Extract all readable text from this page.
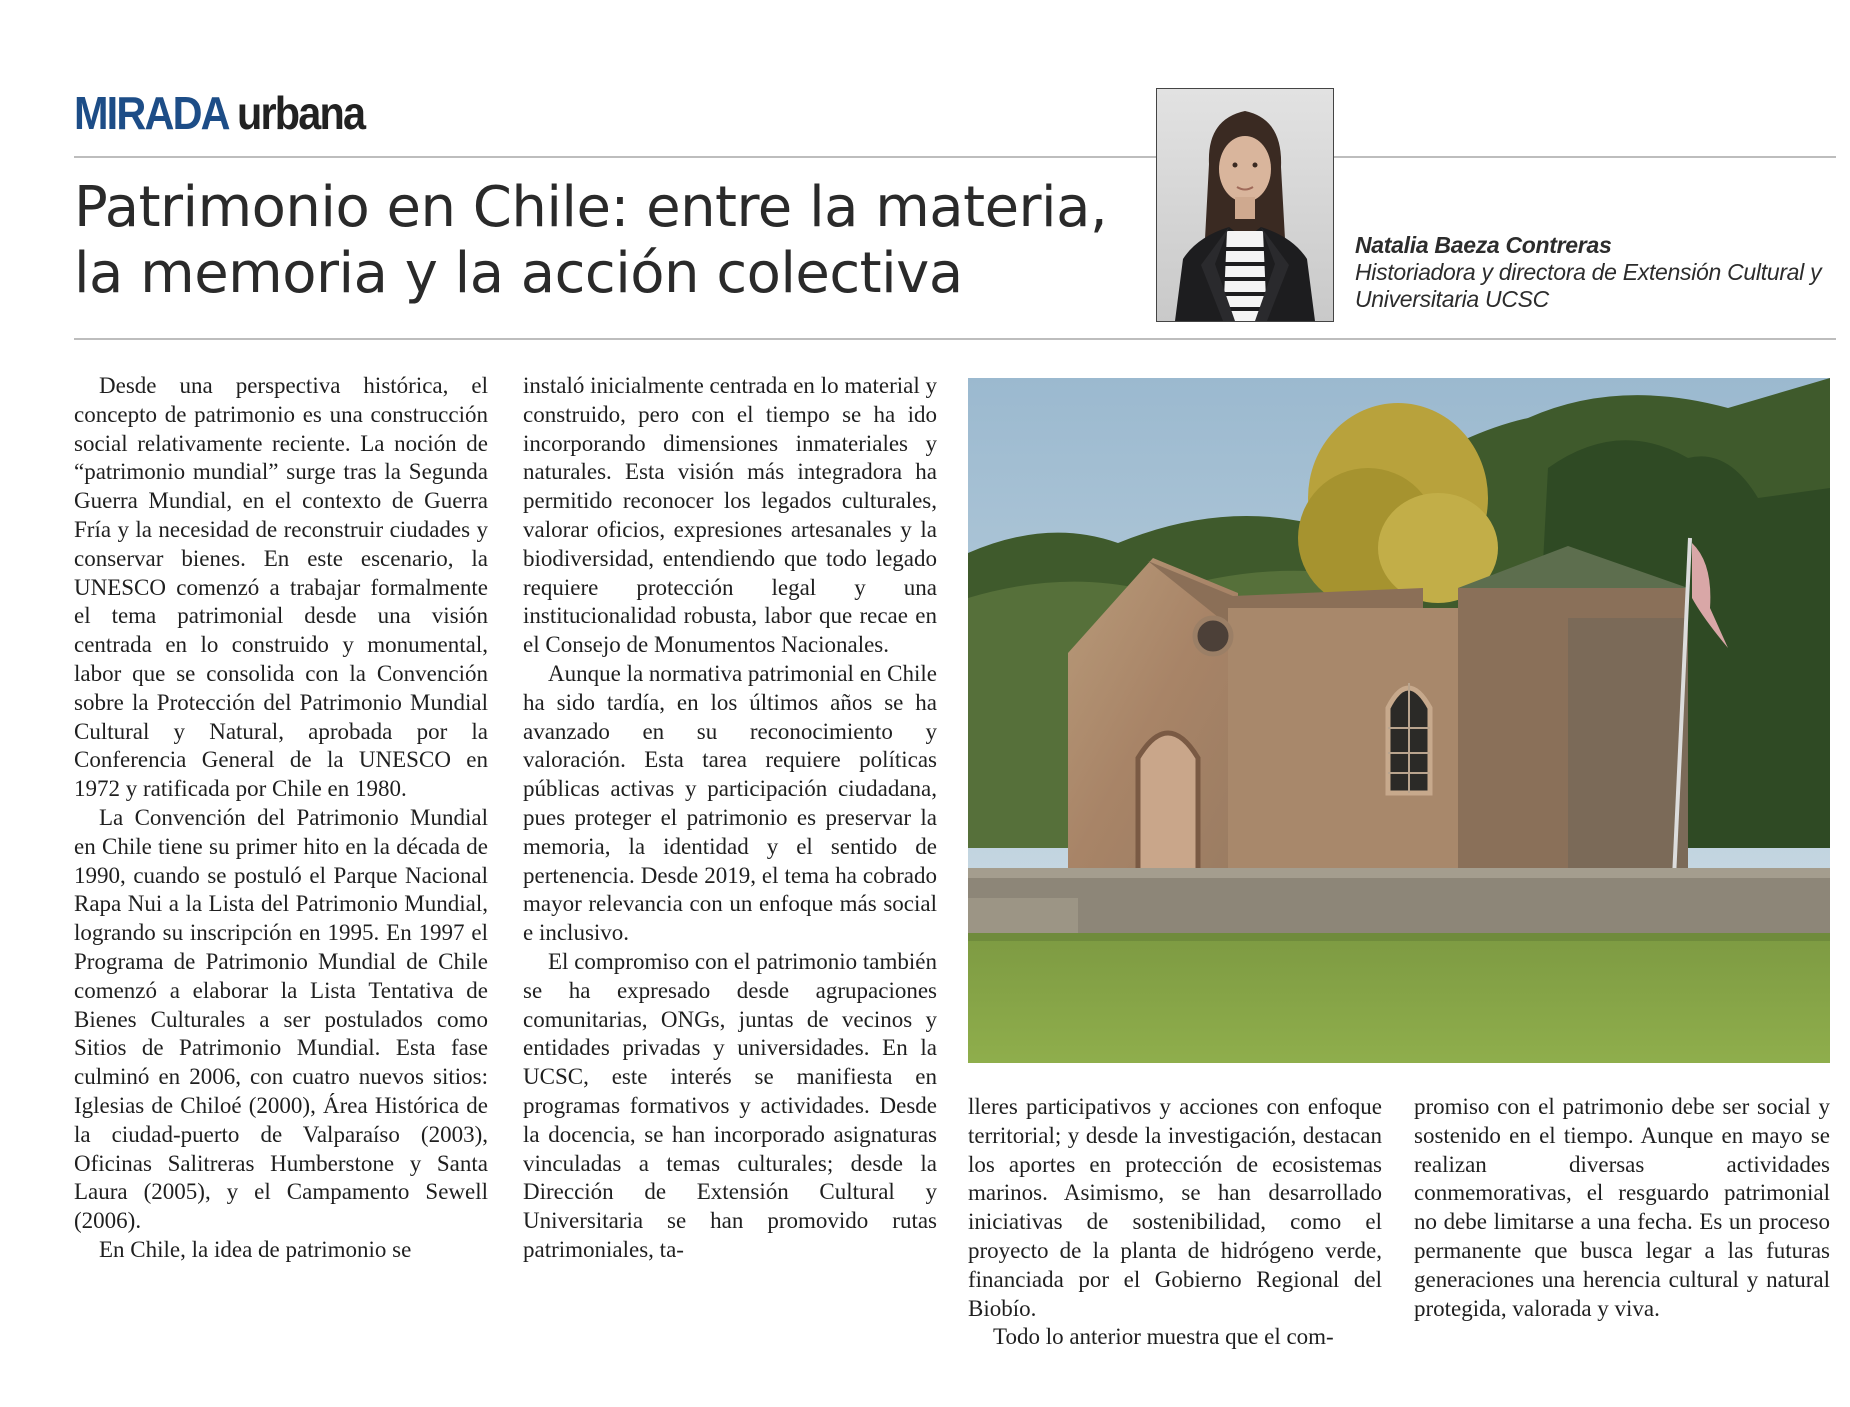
MIRADA urbana
Patrimonio en Chile: entre la materia, la memoria y la acción colectiva	Natalia Baeza Contreras
Historiadora y directora de Extensión Cultural y Universitaria UCSC

Desde una perspectiva histórica, el concepto de patrimonio es una construcción social relativamente reciente. La noción de “patrimonio mundial” surge tras la Segunda Guerra Mundial, en el contexto de Guerra Fría y la necesidad de reconstruir ciudades y conservar bienes. En este escenario, la UNESCO comenzó a trabajar formalmente el tema patrimonial desde una visión centrada en lo construido y monumental, labor que se consolida con la Convención sobre la Protección del Patrimonio Mundial Cultural y Natural, aprobada por la Conferencia General de la UNESCO en 1972 y ratificada por Chile en 1980.

La Convención del Patrimonio Mundial en Chile tiene su primer hito en la década de 1990, cuando se postuló el Parque Nacional Rapa Nui a la Lista del Patrimonio Mundial, logrando su inscripción en 1995. En 1997 el Programa de Patrimonio Mundial de Chile comenzó a elaborar la Lista Tentativa de Bienes Culturales a ser postulados como Sitios de Patrimonio Mundial. Esta fase culminó en 2006, con cuatro nuevos sitios: Iglesias de Chiloé (2000), Área Histórica de la ciudad-puerto de Valparaíso (2003), Oficinas Salitreras Humberstone y Santa Laura (2005), y el Campamento Sewell (2006).

En Chile, la idea de patrimonio se

instaló inicialmente centrada en lo material y construido, pero con el tiempo se ha ido incorporando dimensiones inmateriales y naturales. Esta visión más integradora ha permitido reconocer los legados culturales, valorar oficios, expresiones artesanales y la biodiversidad, entendiendo que todo legado requiere protección legal y una institucionalidad robusta, labor que recae en el Consejo de Monumentos Nacionales.

Aunque la normativa patrimonial en Chile ha sido tardía, en los últimos años se ha avanzado en su reconocimiento y valoración. Esta tarea requiere políticas públicas activas y participación ciudadana, pues proteger el patrimonio es preservar la memoria, la identidad y el sentido de pertenencia. Desde 2019, el tema ha cobrado mayor relevancia con un enfoque más social e inclusivo.

El compromiso con el patrimonio también se ha expresado desde agrupaciones comunitarias, ONGs, juntas de vecinos y entidades privadas y universidades. En la UCSC, este interés se manifiesta en programas formativos y actividades. Desde la docencia, se han incorporado asignaturas vinculadas a temas culturales; desde la Dirección de Extensión Cultural y Universitaria se han promovido rutas patrimoniales, ta-

lleres participativos y acciones con enfoque territorial; y desde la investigación, destacan los aportes en protección de ecosistemas marinos. Asimismo, se han desarrollado iniciativas de sostenibilidad, como el proyecto de la planta de hidrógeno verde, financiada por el Gobierno Regional del Biobío.

Todo lo anterior muestra que el com-

promiso con el patrimonio debe ser social y sostenido en el tiempo. Aunque en mayo se realizan diversas actividades conmemorativas, el resguardo patrimonial no debe limitarse a una fecha. Es un proceso permanente que busca legar a las futuras generaciones una herencia cultural y natural protegida, valorada y viva.
